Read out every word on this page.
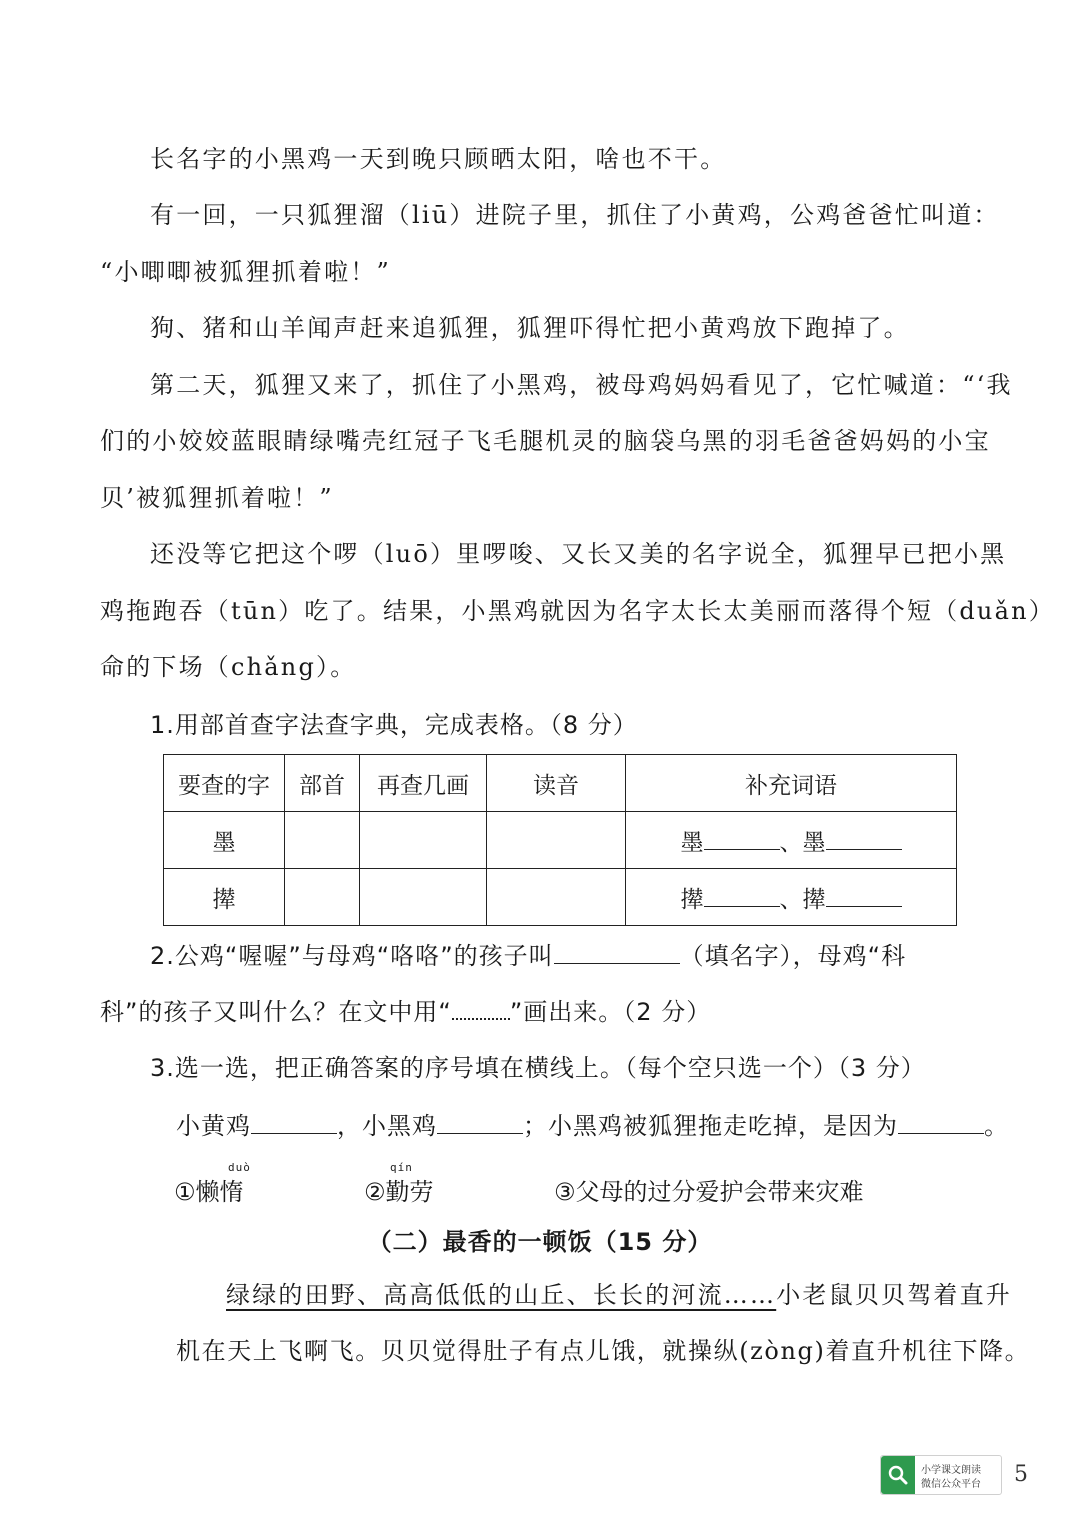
长名字的小黑鸡一天到晚只顾晒太阳，啥也不干。
有一回，一只狐狸溜（liū）进院子里，抓住了小黄鸡，公鸡爸爸忙叫道：
“小唧唧被狐狸抓着啦！”
狗、猪和山羊闻声赶来追狐狸，狐狸吓得忙把小黄鸡放下跑掉了。
第二天，狐狸又来了，抓住了小黑鸡，被母鸡妈妈看见了，它忙喊道：“‘我
们的小姣姣蓝眼睛绿嘴壳红冠子飞毛腿机灵的脑袋乌黑的羽毛爸爸妈妈的小宝
贝’被狐狸抓着啦！”
还没等它把这个啰（luō）里啰唆、又长又美的名字说全，狐狸早已把小黑
鸡拖跑吞（tūn）吃了。结果，小黑鸡就因为名字太长太美丽而落得个短（duǎn）
命的下场（chǎng）。
1.用部首查字法查字典，完成表格。（8 分）
要查的字	部首	再查几画	读音	补充词语
墨				墨 、墨
撵				撵 、撵
2.公鸡“喔喔”与母鸡“咯咯”的孩子叫	（填名字），母鸡“科
科”的孩子又叫什么？在文中用“ ”画出来。（2 分）
3.选一选，把正确答案的序号填在横线上。（每个空只选一个）（3 分）
小黄鸡	，小黑鸡	；小黑鸡被狐狸拖走吃掉，是因为	。
duò
①懒惰
qín
②勤劳	③父母的过分爱护会带来灾难
（二）最香的一顿饭（15 分）
绿绿的田野、高高低低的山丘、长长的河流……小老鼠贝贝驾着直升
机在天上飞啊飞。贝贝觉得肚子有点儿饿，就操纵(zòng)着直升机往下降。
小学课文朗读
微信公众平台 5
